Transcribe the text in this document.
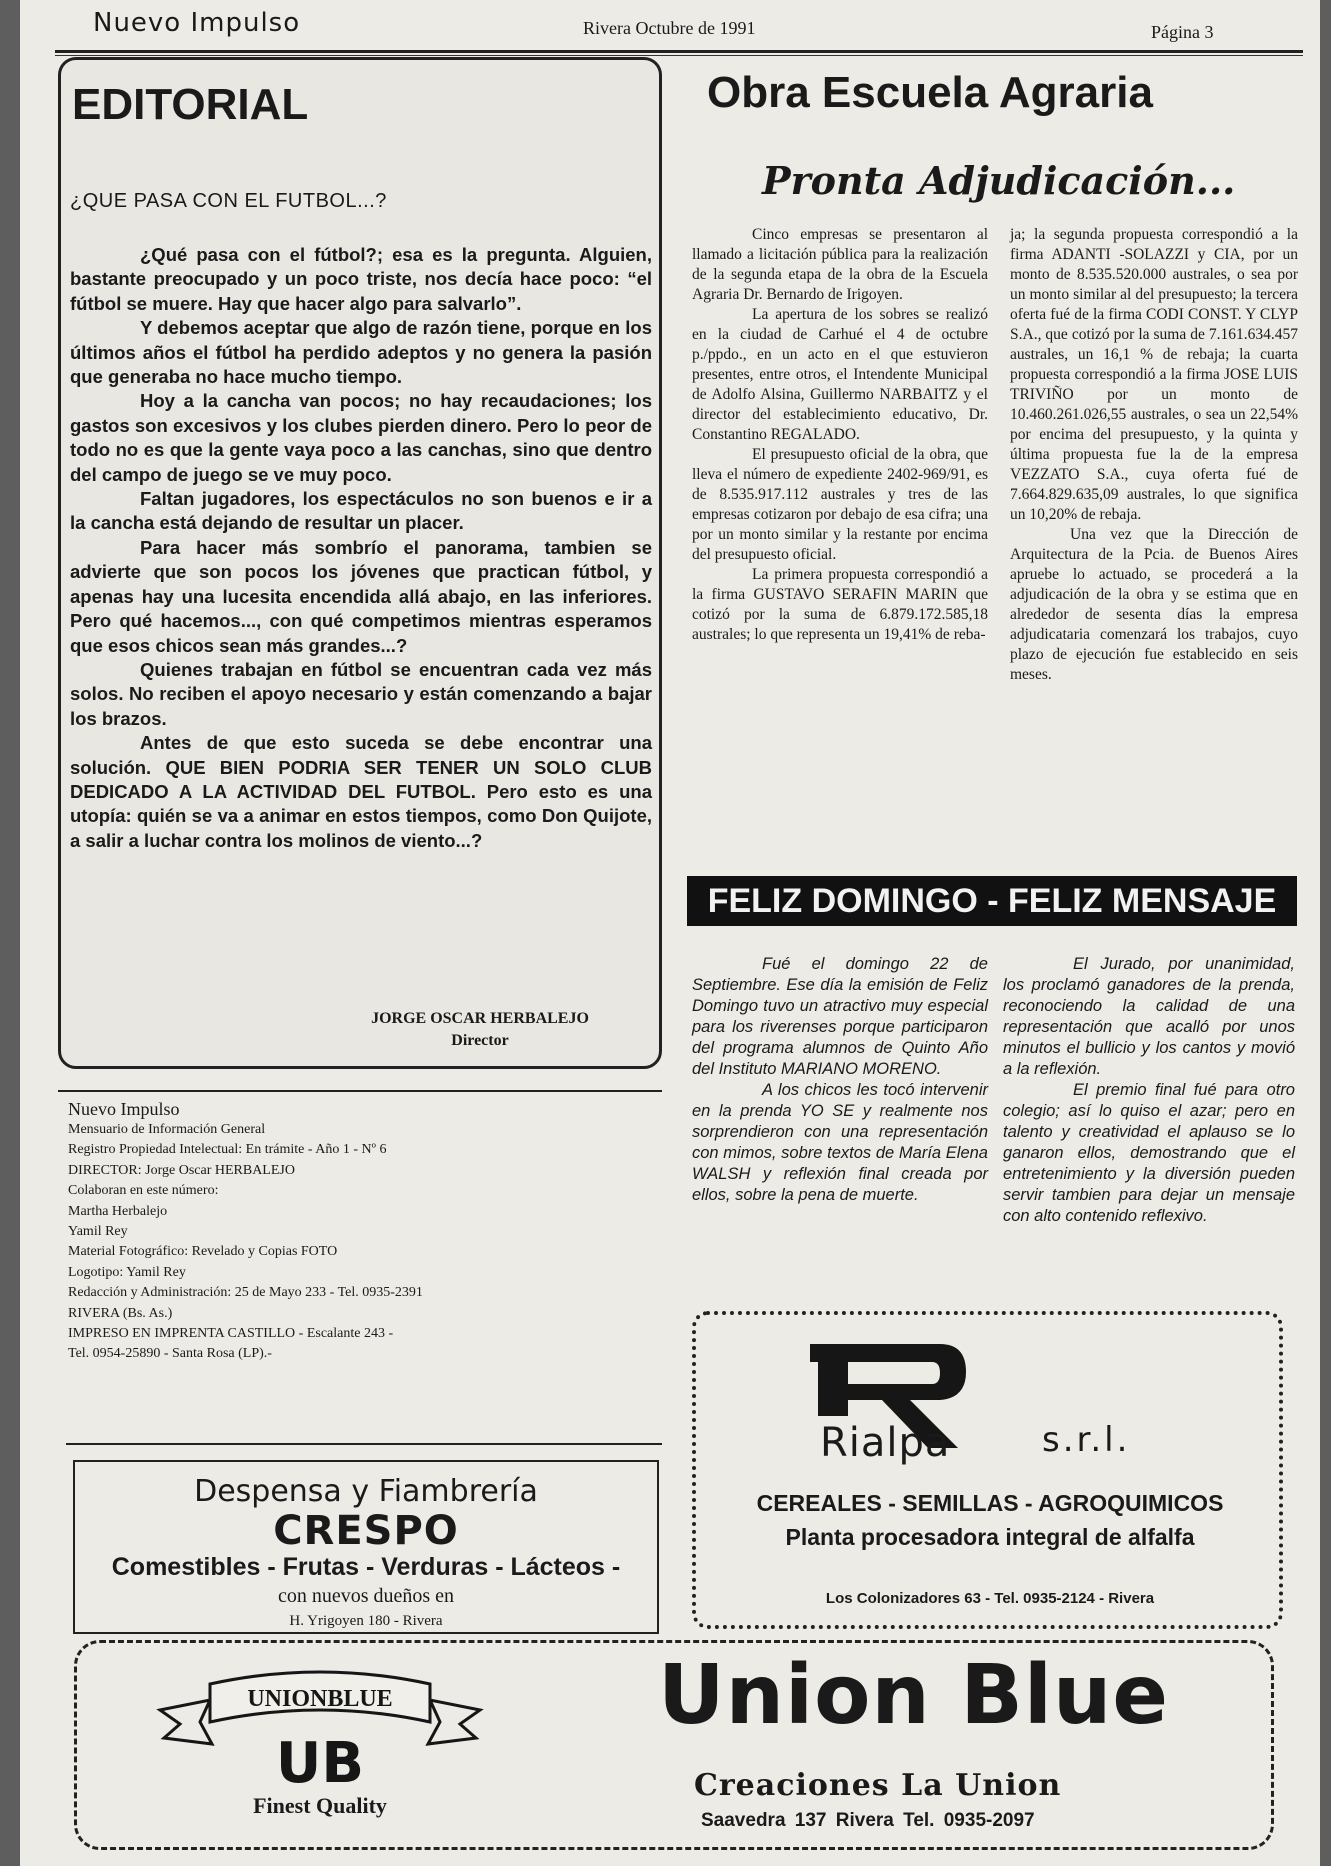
Nuevo Impulso	Rivera Octubre de 1991	Página 3
EDITORIAL
¿QUE PASA CON EL FUTBOL...?

¿Qué pasa con el fútbol?; esa es la pregunta. Alguien, bastante preocupado y un poco triste, nos decía hace poco: “el fútbol se muere. Hay que hacer algo para salvarlo”.

Y debemos aceptar que algo de razón tiene, porque en los últimos años el fútbol ha perdido adeptos y no genera la pasión que generaba no hace mucho tiempo.

Hoy a la cancha van pocos; no hay recaudaciones; los gastos son excesivos y los clubes pierden dinero. Pero lo peor de todo no es que la gente vaya poco a las canchas, sino que dentro del campo de juego se ve muy poco.

Faltan jugadores, los espectáculos no son buenos e ir a la cancha está dejando de resultar un placer.

Para hacer más sombrío el panorama, tambien se advierte que son pocos los jóvenes que practican fútbol, y apenas hay una lucesita encendida allá abajo, en las inferiores. Pero qué hacemos..., con qué competimos mientras esperamos que esos chicos sean más grandes...?

Quienes trabajan en fútbol se encuentran cada vez más solos. No reciben el apoyo necesario y están comenzando a bajar los brazos.

Antes de que esto suceda se debe encontrar una solución. QUE BIEN PODRIA SER TENER UN SOLO CLUB DEDICADO A LA ACTIVIDAD DEL FUTBOL. Pero esto es una utopía: quién se va a animar en estos tiempos, como Don Quijote, a salir a luchar contra los molinos de viento...?

JORGE OSCAR HERBALEJO
Director
Nuevo Impulso
Mensuario de Información General
Registro Propiedad Intelectual: En trámite - Año 1 - Nº 6
DIRECTOR: Jorge Oscar HERBALEJO
Colaboran en este número:
Martha Herbalejo
Yamil Rey
Material Fotográfico: Revelado y Copias FOTO
Logotipo: Yamil Rey
Redacción y Administración: 25 de Mayo 233 - Tel. 0935-2391
RIVERA (Bs. As.)
IMPRESO EN IMPRENTA CASTILLO - Escalante 243 -
Tel. 0954-25890 - Santa Rosa (LP).-
Despensa y Fiambrería
CRESPO
Comestibles - Frutas - Verduras - Lácteos -
con nuevos dueños en
H. Yrigoyen 180 - Rivera
Obra Escuela Agraria
Pronta Adjudicación...

Cinco empresas se presentaron al llamado a licitación pública para la realización de la segunda etapa de la obra de la Escuela Agraria Dr. Bernardo de Irigoyen.

La apertura de los sobres se realizó en la ciudad de Carhué el 4 de octubre p./ppdo., en un acto en el que estuvieron presentes, entre otros, el Intendente Municipal de Adolfo Alsina, Guillermo NARBAITZ y el director del establecimiento educativo, Dr. Constantino REGALADO.

El presupuesto oficial de la obra, que lleva el número de expediente 2402-969/91, es de 8.535.917.112 australes y tres de las empresas cotizaron por debajo de esa cifra; una por un monto similar y la restante por encima del presupuesto oficial.

La primera propuesta correspondió a la firma GUSTAVO SERAFIN MARIN que cotizó por la suma de 6.879.172.585,18 australes; lo que representa un 19,41% de reba-

ja; la segunda propuesta correspondió a la firma ADANTI -SOLAZZI y CIA, por un monto de 8.535.520.000 australes, o sea por un monto similar al del presupuesto; la tercera oferta fué de la firma CODI CONST. Y CLYP S.A., que cotizó por la suma de 7.161.634.457 australes, un 16,1 % de rebaja; la cuarta propuesta correspondió a la firma JOSE LUIS TRIVIÑO por un monto de 10.460.261.026,55 australes, o sea un 22,54% por encima del presupuesto, y la quinta y última propuesta fue la de la empresa VEZZATO S.A., cuya oferta fué de 7.664.829.635,09 australes, lo que significa un 10,20% de rebaja.

Una vez que la Dirección de Arquitectura de la Pcia. de Buenos Aires apruebe lo actuado, se procederá a la adjudicación de la obra y se estima que en alrededor de sesenta días la empresa adjudicataria comenzará los trabajos, cuyo plazo de ejecución fue establecido en seis meses.

FELIZ DOMINGO - FELIZ MENSAJE

Fué el domingo 22 de Septiembre. Ese día la emisión de Feliz Domingo tuvo un atractivo muy especial para los riverenses porque participaron del programa alumnos de Quinto Año del Instituto MARIANO MORENO.

A los chicos les tocó intervenir en la prenda YO SE y realmente nos sorprendieron con una representación con mimos, sobre textos de María Elena WALSH y reflexión final creada por ellos, sobre la pena de muerte.

El Jurado, por unanimidad, los proclamó ganadores de la prenda, reconociendo la calidad de una representación que acalló por unos minutos el bullicio y los cantos y movió a la reflexión.

El premio final fué para otro colegio; así lo quiso el azar; pero en talento y creatividad el aplauso se lo ganaron ellos, demostrando que el entretenimiento y la diversión pueden servir tambien para dejar un mensaje con alto contenido reflexivo.

Rialpa	s.r.l.
CEREALES - SEMILLAS - AGROQUIMICOS
Planta procesadora integral de alfalfa
Los Colonizadores 63 - Tel. 0935-2124 - Rivera
UNIONBLUE
UB
Finest Quality
Union Blue
Creaciones La Union
Saavedra 137 Rivera Tel. 0935-2097
